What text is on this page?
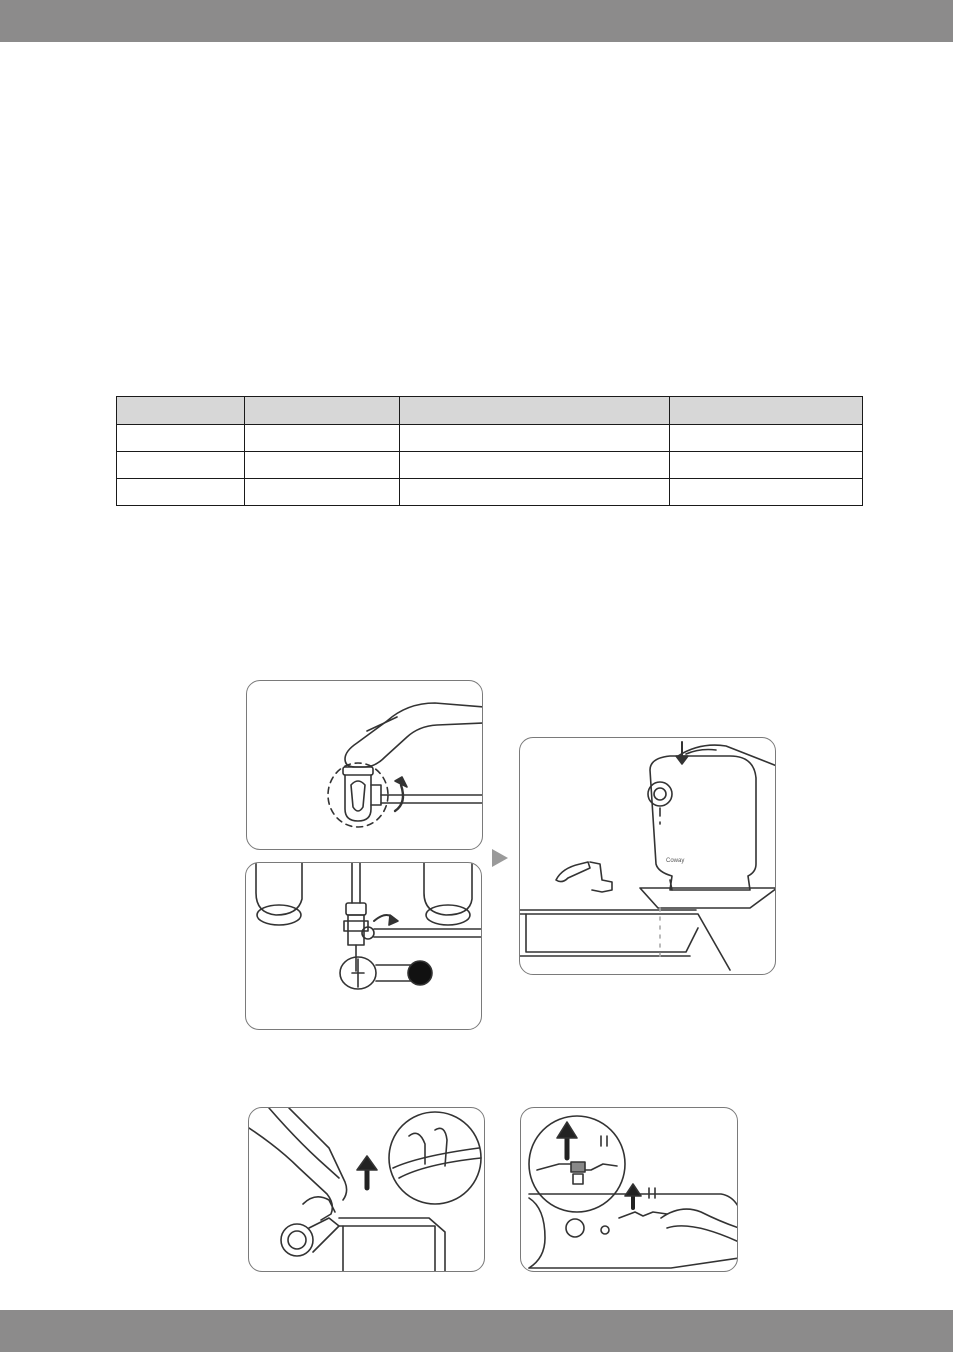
Coway
